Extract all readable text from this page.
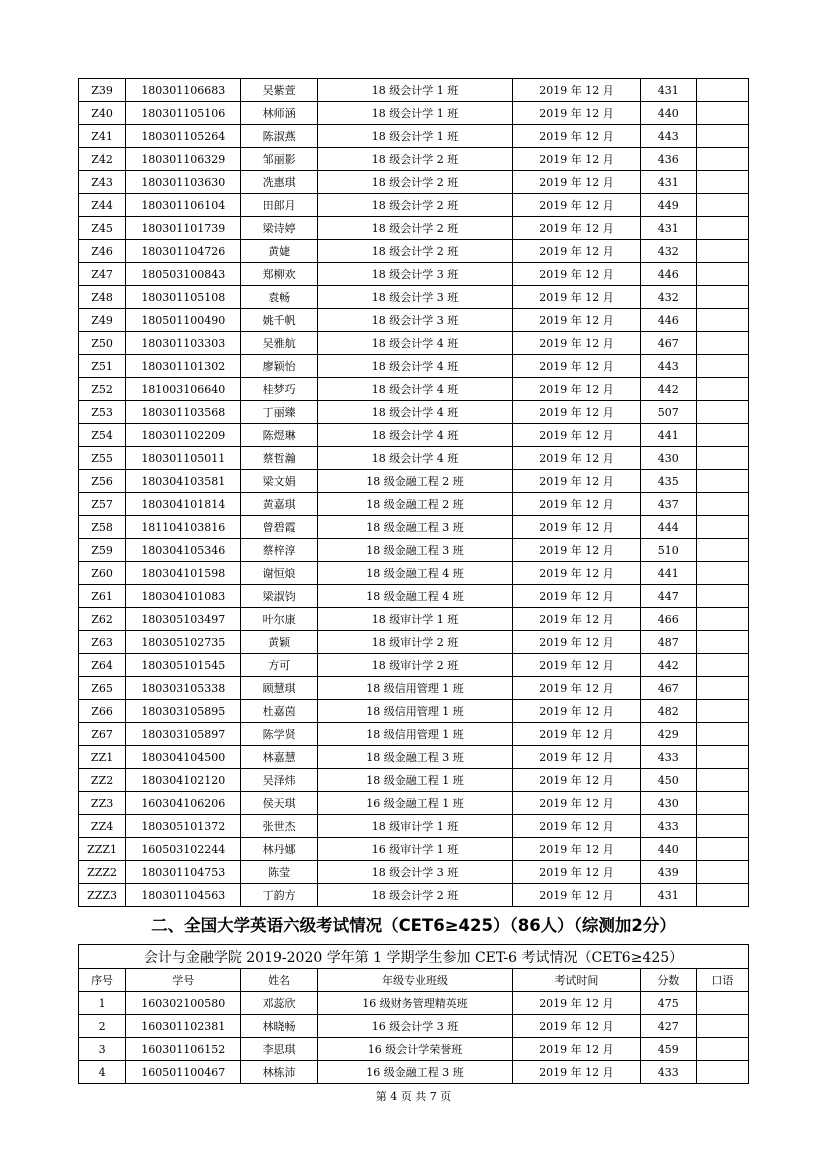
Z39	180301106683	吴紫萱	18 级会计学 1 班	2019 年 12 月	431	
Z40	180301105106	林师涵	18 级会计学 1 班	2019 年 12 月	440	
Z41	180301105264	陈淑燕	18 级会计学 1 班	2019 年 12 月	443	
Z42	180301106329	邹丽影	18 级会计学 2 班	2019 年 12 月	436	
Z43	180301103630	冼惠琪	18 级会计学 2 班	2019 年 12 月	431	
Z44	180301106104	田郎月	18 级会计学 2 班	2019 年 12 月	449	
Z45	180301101739	梁诗婷	18 级会计学 2 班	2019 年 12 月	431	
Z46	180301104726	黄婕	18 级会计学 2 班	2019 年 12 月	432	
Z47	180503100843	郑柳欢	18 级会计学 3 班	2019 年 12 月	446	
Z48	180301105108	袁畅	18 级会计学 3 班	2019 年 12 月	432	
Z49	180501100490	姚千帆	18 级会计学 3 班	2019 年 12 月	446	
Z50	180301103303	吴雅航	18 级会计学 4 班	2019 年 12 月	467	
Z51	180301101302	廖颖怡	18 级会计学 4 班	2019 年 12 月	443	
Z52	181003106640	桂梦巧	18 级会计学 4 班	2019 年 12 月	442	
Z53	180301103568	丁丽臻	18 级会计学 4 班	2019 年 12 月	507	
Z54	180301102209	陈煜琳	18 级会计学 4 班	2019 年 12 月	441	
Z55	180301105011	蔡哲瀚	18 级会计学 4 班	2019 年 12 月	430	
Z56	180304103581	梁文娟	18 级金融工程 2 班	2019 年 12 月	435	
Z57	180304101814	黄嘉琪	18 级金融工程 2 班	2019 年 12 月	437	
Z58	181104103816	曾碧霞	18 级金融工程 3 班	2019 年 12 月	444	
Z59	180304105346	蔡梓淳	18 级金融工程 3 班	2019 年 12 月	510	
Z60	180304101598	谢恒烺	18 级金融工程 4 班	2019 年 12 月	441	
Z61	180304101083	梁淑钧	18 级金融工程 4 班	2019 年 12 月	447	
Z62	180305103497	叶尔康	18 级审计学 1 班	2019 年 12 月	466	
Z63	180305102735	黄颖	18 级审计学 2 班	2019 年 12 月	487	
Z64	180305101545	方可	18 级审计学 2 班	2019 年 12 月	442	
Z65	180303105338	顾慧琪	18 级信用管理 1 班	2019 年 12 月	467	
Z66	180303105895	杜嘉茵	18 级信用管理 1 班	2019 年 12 月	482	
Z67	180303105897	陈学贤	18 级信用管理 1 班	2019 年 12 月	429	
ZZ1	180304104500	林嘉慧	18 级金融工程 3 班	2019 年 12 月	433	
ZZ2	180304102120	吴泽炜	18 级金融工程 1 班	2019 年 12 月	450	
ZZ3	160304106206	侯天琪	16 级金融工程 1 班	2019 年 12 月	430	
ZZ4	180305101372	张世杰	18 级审计学 1 班	2019 年 12 月	433	
ZZZ1	160503102244	林丹娜	16 级审计学 1 班	2019 年 12 月	440	
ZZZ2	180301104753	陈莹	18 级会计学 3 班	2019 年 12 月	439	
ZZZ3	180301104563	丁韵方	18 级会计学 2 班	2019 年 12 月	431	
二、全国大学英语六级考试情况（CET6≥425）（86人）（综测加2分）
会计与金融学院 2019-2020 学年第 1 学期学生参加 CET-6 考试情况（CET6≥425）						
序号	学号	姓名	年级专业班级	考试时间	分数	口语
1	160302100580	邓蕊欣	16 级财务管理精英班	2019 年 12 月	475	
2	160301102381	林晓畅	16 级会计学 3 班	2019 年 12 月	427	
3	160301106152	李思琪	16 级会计学荣誉班	2019 年 12 月	459	
4	160501100467	林栋沛	16 级金融工程 3 班	2019 年 12 月	433	
第 4 页 共 7 页
